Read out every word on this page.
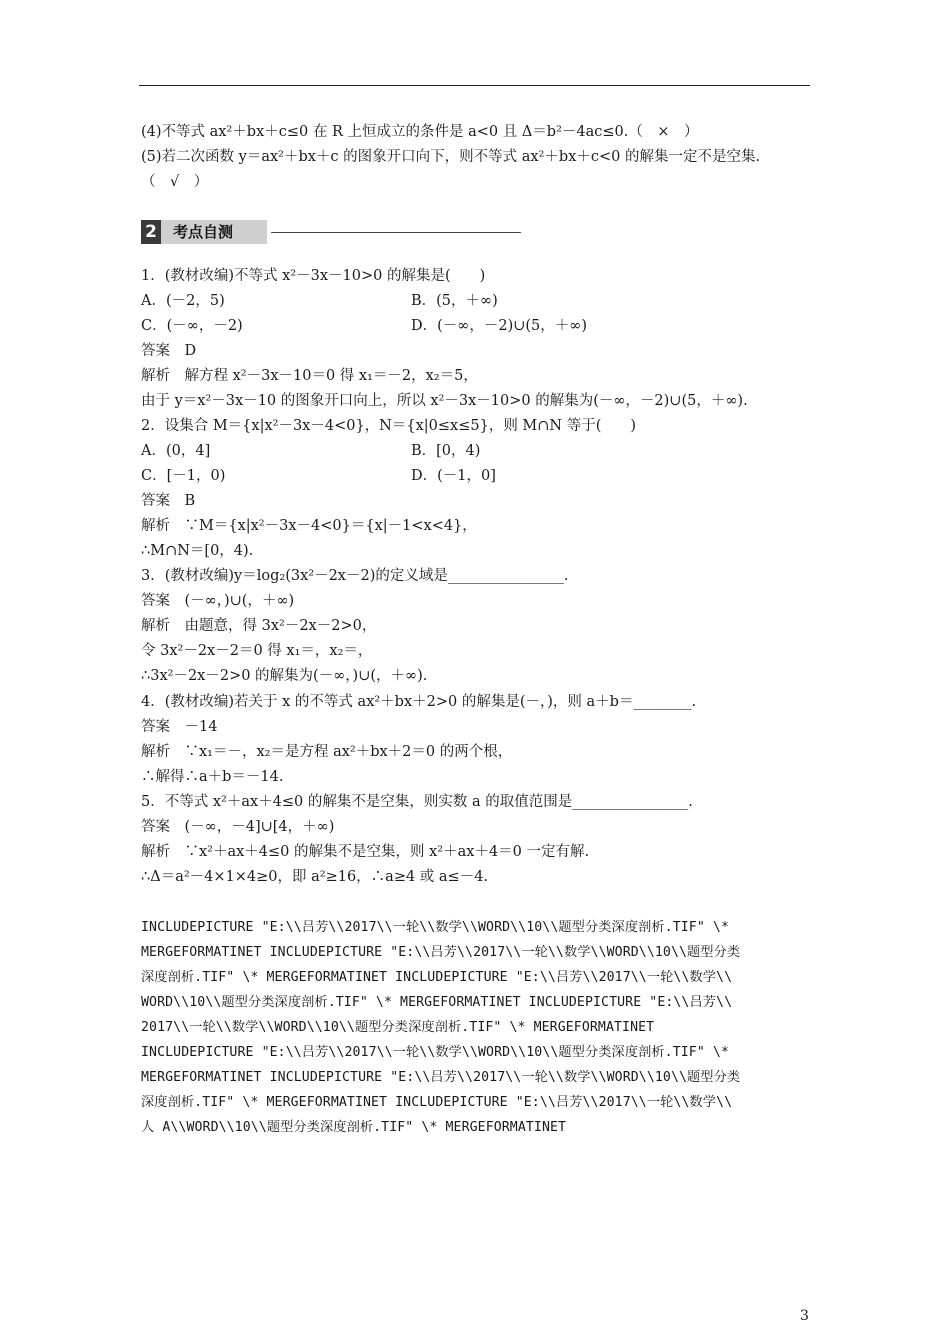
(4)不等式 ax²＋bx＋c≤0 在 R 上恒成立的条件是 a<0 且 Δ＝b²－4ac≤0.（　×　）
(5)若二次函数 y＝ax²＋bx＋c 的图象开口向下，则不等式 ax²＋bx＋c<0 的解集一定不是空集.
（　√　）
2	考点自测
1．(教材改编)不等式 x²－3x－10>0 的解集是(　　)
A．(－2，5)	B．(5，＋∞)
C．(－∞，－2)	D．(－∞，－2)∪(5，＋∞)
答案　D
解析　解方程 x²－3x－10＝0 得 x₁＝－2，x₂＝5，
由于 y＝x²－3x－10 的图象开口向上，所以 x²－3x－10>0 的解集为(－∞，－2)∪(5，＋∞).
2．设集合 M＝{x|x²－3x－4<0}，N＝{x|0≤x≤5}，则 M∩N 等于(　　)
A．(0，4]	B．[0，4)
C．[－1，0)	D．(－1，0]
答案　B
解析　∵M＝{x|x²－3x－4<0}＝{x|－1<x<4}，
∴M∩N＝[0，4).
3．(教材改编)y＝log₂(3x²－2x－2)的定义域是________________.
答案　(－∞，)∪(，＋∞)
解析　由题意，得 3x²－2x－2>0，
令 3x²－2x－2＝0 得 x₁＝，x₂＝，
∴3x²－2x－2>0 的解集为(－∞，)∪(，＋∞).
4．(教材改编)若关于 x 的不等式 ax²＋bx＋2>0 的解集是(－，)，则 a＋b＝________.
答案　－14
解析　∵x₁＝－，x₂＝是方程 ax²＋bx＋2＝0 的两个根，
∴解得∴a＋b＝－14.
5．不等式 x²＋ax＋4≤0 的解集不是空集，则实数 a 的取值范围是________________.
答案　(－∞，－4]∪[4，＋∞)
解析　∵x²＋ax＋4≤0 的解集不是空集，则 x²＋ax＋4＝0 一定有解.
∴Δ＝a²－4×1×4≥0，即 a²≥16，∴a≥4 或 a≤－4.
INCLUDEPICTURE "E:\\吕芳\\2017\\一轮\\数学\\WORD\\10\\题型分类深度剖析.TIF" \*
MERGEFORMATINET INCLUDEPICTURE "E:\\吕芳\\2017\\一轮\\数学\\WORD\\10\\题型分类
深度剖析.TIF" \* MERGEFORMATINET INCLUDEPICTURE "E:\\吕芳\\2017\\一轮\\数学\\
WORD\\10\\题型分类深度剖析.TIF" \* MERGEFORMATINET INCLUDEPICTURE "E:\\吕芳\\
2017\\一轮\\数学\\WORD\\10\\题型分类深度剖析.TIF" \* MERGEFORMATINET
INCLUDEPICTURE "E:\\吕芳\\2017\\一轮\\数学\\WORD\\10\\题型分类深度剖析.TIF" \*
MERGEFORMATINET INCLUDEPICTURE "E:\\吕芳\\2017\\一轮\\数学\\WORD\\10\\题型分类
深度剖析.TIF" \* MERGEFORMATINET INCLUDEPICTURE "E:\\吕芳\\2017\\一轮\\数学\\
人 A\\WORD\\10\\题型分类深度剖析.TIF" \* MERGEFORMATINET
3
